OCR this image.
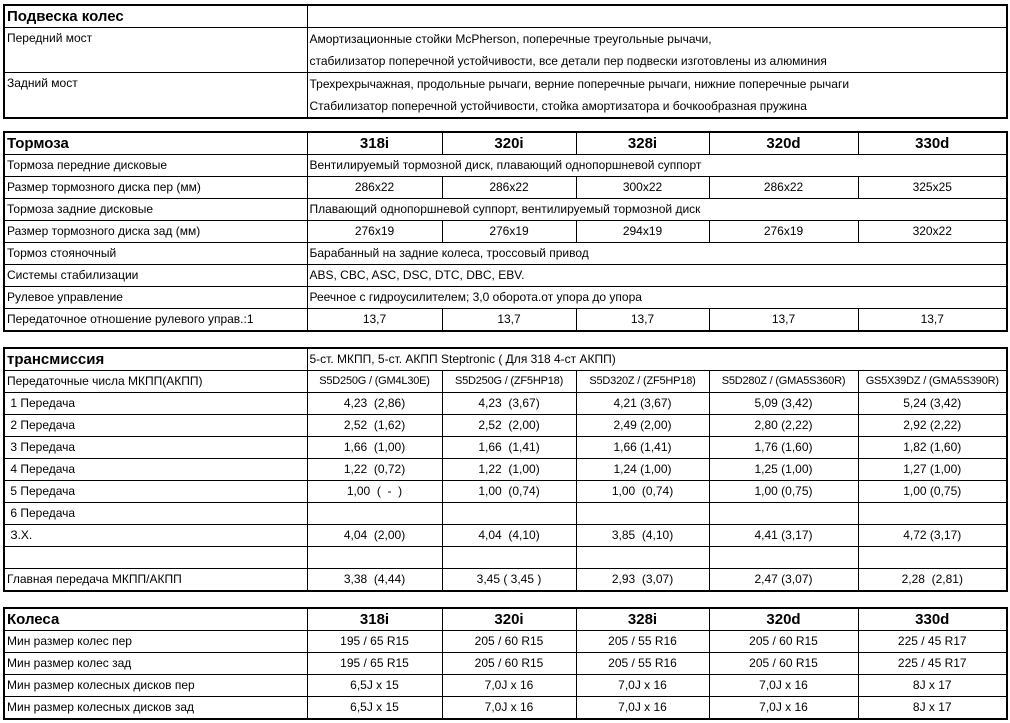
Подвеска колес	
Передний мост	Амортизационные стойки McPherson, поперечные треугольные рычачи,
стабилизатор поперечной устойчивости, все детали пер подвески изготовлены из алюминия

Задний мост	Трехрехрычажная, продольные рычаги, верние поперечные рычаги, нижние поперечные рычаги
Стабилизатор поперечной устойчивости, стойка амортизатора и бочкообразная пружина
Тормоза	318i	320i	328i	320d	330d
Тормоза передние дисковые	Вентилируемый тормозной диск, плавающий однопоршневой суппорт				
Размер тормозного диска пер (мм)	286x22	286x22	300x22	286x22	325x25
Тормоза задние дисковые	Плавающий однопоршневой суппорт, вентилируемый тормозной диск				
Размер тормозного диска зад (мм)	276x19	276x19	294x19	276x19	320x22
Тормоз стояночный	Барабанный на задние колеса, троссовый привод				
Системы стабилизации	ABS, CBC, ASC, DSC, DTC, DBC, EBV.				
Рулевое управление	Реечное с гидроусилителем; 3,0 оборота.от упора до упора				
Передаточное отношение рулевого управ.:1	13,7	13,7	13,7	13,7	13,7
трансмиссия	5-ст. МКПП, 5-ст. АКПП Steptronic ( Для 318 4-ст АКПП)				
Передаточные числа МКПП(АКПП)	S5D250G / (GM4L30E)	S5D250G / (ZF5HP18)	S5D320Z / (ZF5HP18)	S5D280Z / (GMA5S360R)	GS5X39DZ / (GMA5S390R)
1 Передача	4,23  (2,86)	4,23  (3,67)	4,21 (3,67)	5,09 (3,42)	5,24 (3,42)
2 Передача	2,52  (1,62)	2,52  (2,00)	2,49 (2,00)	2,80 (2,22)	2,92 (2,22)
3 Передача	1,66  (1,00)	1,66  (1,41)	1,66 (1,41)	1,76 (1,60)	1,82 (1,60)
4 Передача	1,22  (0,72)	1,22  (1,00)	1,24 (1,00)	1,25 (1,00)	1,27 (1,00)
5 Передача	1,00  (  -  )	1,00  (0,74)	1,00  (0,74)	1,00 (0,75)	1,00 (0,75)
6 Передача					
З.Х.	4,04  (2,00)	4,04  (4,10)	3,85  (4,10)	4,41 (3,17)	4,72 (3,17)

Главная передача МКПП/АКПП	3,38  (4,44)	3,45 ( 3,45 )	2,93  (3,07)	2,47 (3,07)	2,28  (2,81)
Колеса	318i	320i	328i	320d	330d
Мин размер колес пер	195 / 65 R15	205 / 60 R15	205 / 55 R16	205 / 60 R15	225 / 45 R17
Мин размер колес зад	195 / 65 R15	205 / 60 R15	205 / 55 R16	205 / 60 R15	225 / 45 R17
Мин размер колесных дисков пер	6,5J x 15	7,0J x 16	7,0J x 16	7,0J x 16	8J x 17
Мин размер колесных дисков зад	6,5J x 15	7,0J x 16	7,0J x 16	7,0J x 16	8J x 17
